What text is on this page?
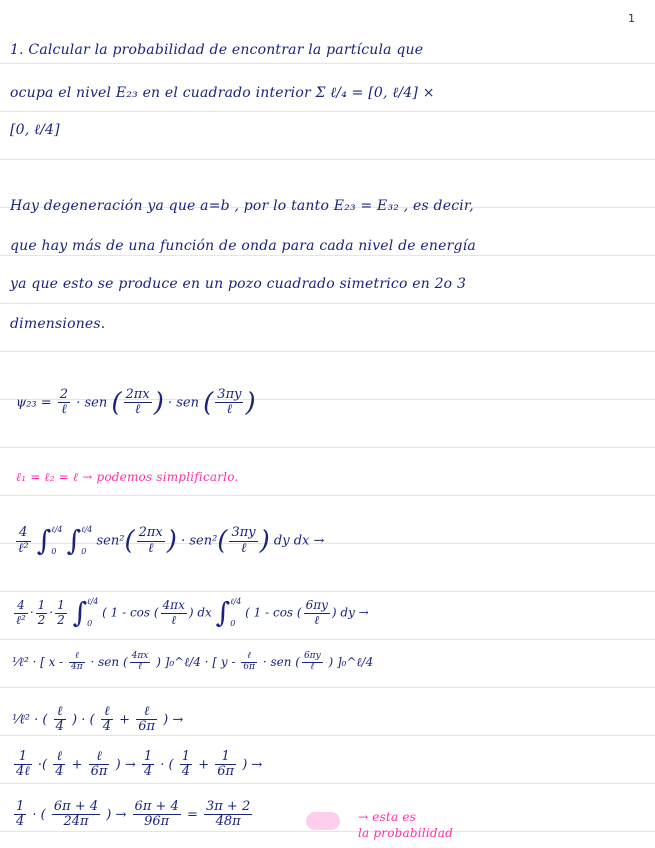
1
1. Calcular la probabilidad de encontrar la partícula que
ocupa el nivel E₂₃ en el cuadrado interior Σ ℓ/₄ = [0, ℓ/4] ×
[0, ℓ/4]
Hay degeneración ya que a=b , por lo tanto E₂₃ = E₃₂ , es decir,
que hay más de una función de onda para cada nivel de energía
ya que esto se produce en un pozo cuadrado simetrico en 2o 3
dimensiones.
$\psi_{23} = \frac{2}{\text{ℓ}}$ · sen ( $\frac{2\pi x}{\text{ℓ}}$ ) · sen ( $\frac{3\pi y}{\text{ℓ}}$ )
ℓ₁ = ℓ₂ = ℓ → podemos simplificarlo.
$\frac{4}{\text{ℓ²}}$ ∫ ℓ/4
0 ∫ ℓ/4
0
$sen^2( \frac{2\pi x}{\text{ℓ}}$ ) · $sen^2( \frac{3\pi y}{\text{ℓ}}$ ) dy dx →
$\frac{4}{\text{ℓ²}} \cdot \frac{1}{2} \cdot \frac{1}{2}$ ∫ ℓ/4
0
( 1 - cos ( $\frac{4\pi x}{\text{ℓ}}$ ) dx ∫ ℓ/4
0
( 1 - cos ( $\frac{6\pi y}{\text{ℓ}}$ ) dy →
¹⁄ℓ² · [ x - $\frac{\text{ℓ}}{4\pi}$ · sen ( $\frac{4\pi x}{\text{ℓ}}$ ) ]₀^ℓ/4 · [ y - $\frac{\text{ℓ}}{6\pi}$ · sen ( $\frac{6\pi y}{\text{ℓ}}$ ) ]₀^ℓ/4
¹⁄ℓ² · ( $\frac{\text{ℓ}}{4}$ ) · ( $\frac{\text{ℓ}}{4} + \frac{\text{ℓ}}{6\pi}$ ) →
$\frac{1}{\text{4ℓ}}$ ·( $\frac{\text{ℓ}}{4} + \frac{\text{ℓ}}{6\pi}$ ) → $\frac{1}{4}$ · ( $\frac{1}{4} + \frac{1}{6\pi}$ ) →
$\frac{1}{4}$ · ( $\frac{6\pi + 4}{24\pi}$ ) → $\frac{6\pi + 4}{96\pi} = \frac{3\pi + 2}{48\pi}$	→ esta es
la probabilidad
